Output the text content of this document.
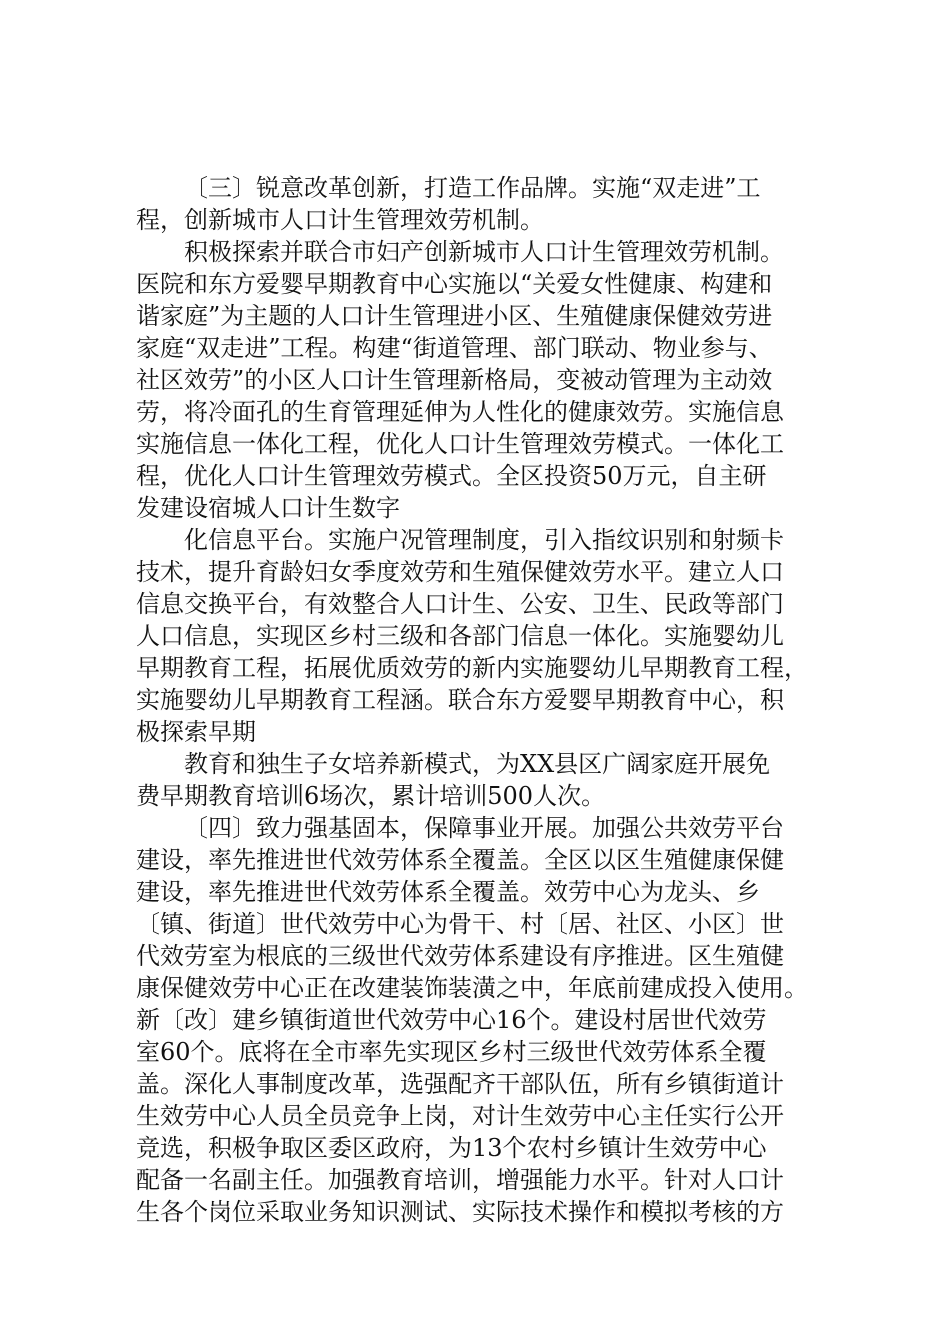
〔三〕锐意改革创新，打造工作品牌。实施“双走进”工
程，创新城市人口计生管理效劳机制。
积极探索并联合市妇产创新城市人口计生管理效劳机制。
医院和东方爱婴早期教育中心实施以“关爱女性健康、构建和
谐家庭”为主题的人口计生管理进小区、生殖健康保健效劳进
家庭“双走进”工程。构建“街道管理、部门联动、物业参与、
社区效劳”的小区人口计生管理新格局，变被动管理为主动效
劳，将冷面孔的生育管理延伸为人性化的健康效劳。实施信息
实施信息一体化工程，优化人口计生管理效劳模式。一体化工
程，优化人口计生管理效劳模式。全区投资50万元，自主研
发建设宿城人口计生数字
化信息平台。实施户况管理制度，引入指纹识别和射频卡
技术，提升育龄妇女季度效劳和生殖保健效劳水平。建立人口
信息交换平台，有效整合人口计生、公安、卫生、民政等部门
人口信息，实现区乡村三级和各部门信息一体化。实施婴幼儿
早期教育工程，拓展优质效劳的新内实施婴幼儿早期教育工程，
实施婴幼儿早期教育工程涵。联合东方爱婴早期教育中心，积
极探索早期
教育和独生子女培养新模式，为XX县区广阔家庭开展免
费早期教育培训6场次，累计培训500人次。
〔四〕致力强基固本，保障事业开展。加强公共效劳平台
建设，率先推进世代效劳体系全覆盖。全区以区生殖健康保健
建设，率先推进世代效劳体系全覆盖。效劳中心为龙头、乡
〔镇、街道〕世代效劳中心为骨干、村〔居、社区、小区〕世
代效劳室为根底的三级世代效劳体系建设有序推进。区生殖健
康保健效劳中心正在改建装饰装潢之中，年底前建成投入使用。
新〔改〕建乡镇街道世代效劳中心16个。建设村居世代效劳
室60个。底将在全市率先实现区乡村三级世代效劳体系全覆
盖。深化人事制度改革，选强配齐干部队伍，所有乡镇街道计
生效劳中心人员全员竞争上岗，对计生效劳中心主任实行公开
竞选，积极争取区委区政府，为13个农村乡镇计生效劳中心
配备一名副主任。加强教育培训，增强能力水平。针对人口计
生各个岗位采取业务知识测试、实际技术操作和模拟考核的方
